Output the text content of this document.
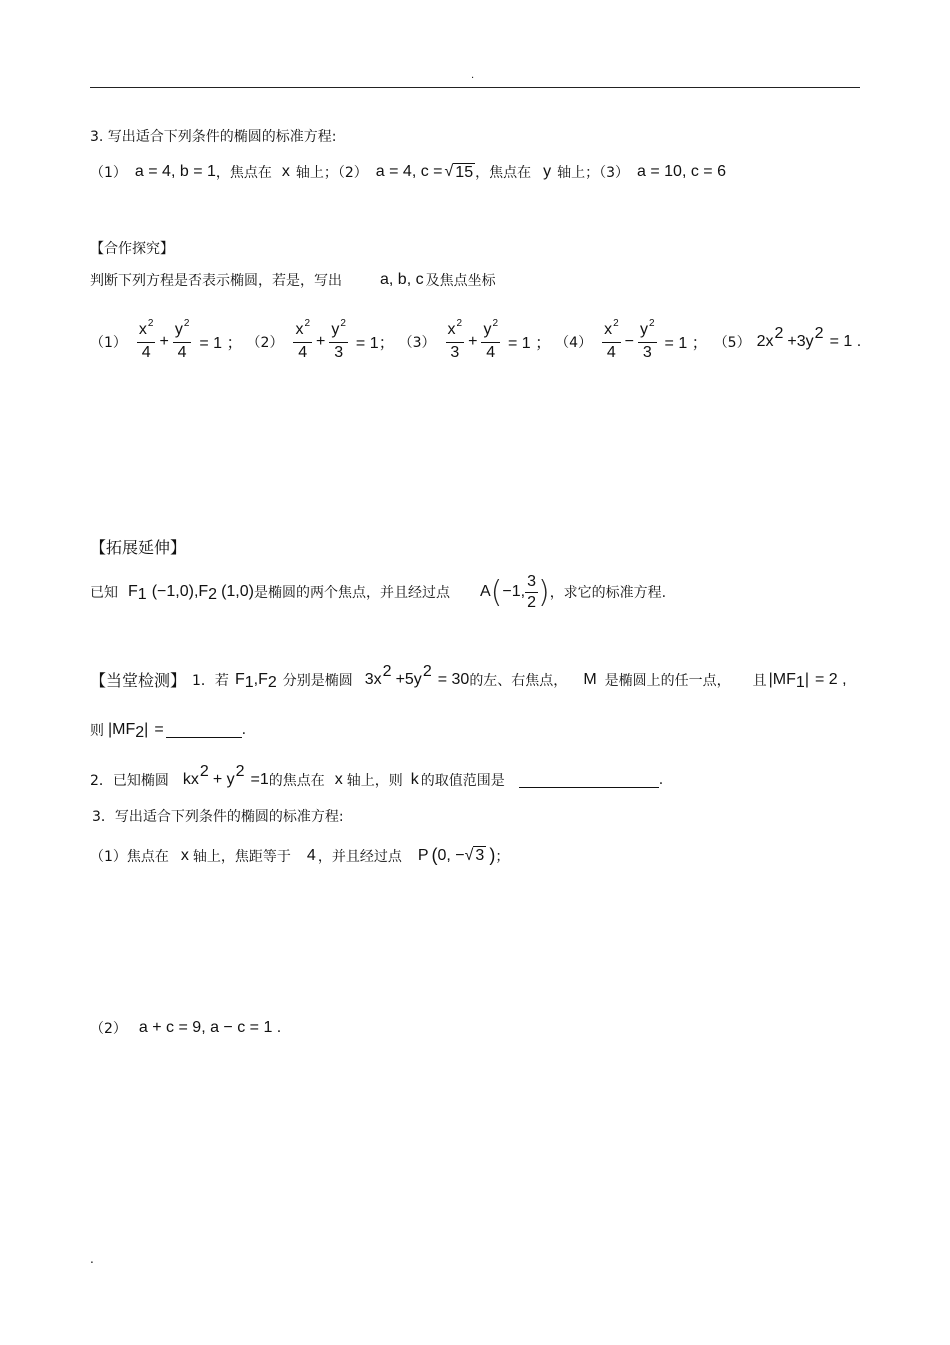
.
3. 写出适合下列条件的椭圆的标准方程:
（1） a = 4, b = 1 ，焦点在 x 轴上；（2） a = 4, c = √ 15 ，焦点在 y 轴上；（3） a = 10, c = 6
【合作探究】
判断下列方程是否表示椭圆，若是，写出 a, b, c 及焦点坐标
$(1) \frac{x^2}{4} + \frac{y^2}{4} = 1$ ； $(2) \frac{x^2}{4} + \frac{y^2}{3} = 1$； $(3) \frac{x^2}{3} + \frac{y^2}{4} = 1$ ； $(4) \frac{x^2}{4} - \frac{y^2}{3} = 1$ ； （5） $2x^2 +3y^2 = 1$ .
【拓展延伸】
已知 $F_1$ ( −1,0 ), $F_2$ ( 1,0 ) 是椭圆的两个焦点，并且经过点 A ( −1, $\frac{3}{2}$ ) ，求它的标准方程.
【当堂检测】 1．若 $F_1$ $,F_2$ 分别是椭圆 $3x^2 +5y^2 = 30$ 的左、右焦点， M 是椭圆上的任一点， 且 | $MF_1$ | = 2 ,
则 | $MF_2$ | =	.
2．已知椭圆 $kx^2 + y^2 =1$ 的焦点在 x 轴上，则 k 的取值范围是	.
3．写出适合下列条件的椭圆的标准方程:
（1）焦点在 x 轴上，焦距等于 4 ，并且经过点 P ( 0, − √ 3 ) ；
（2） a + c = 9, a − c = 1 .
.
